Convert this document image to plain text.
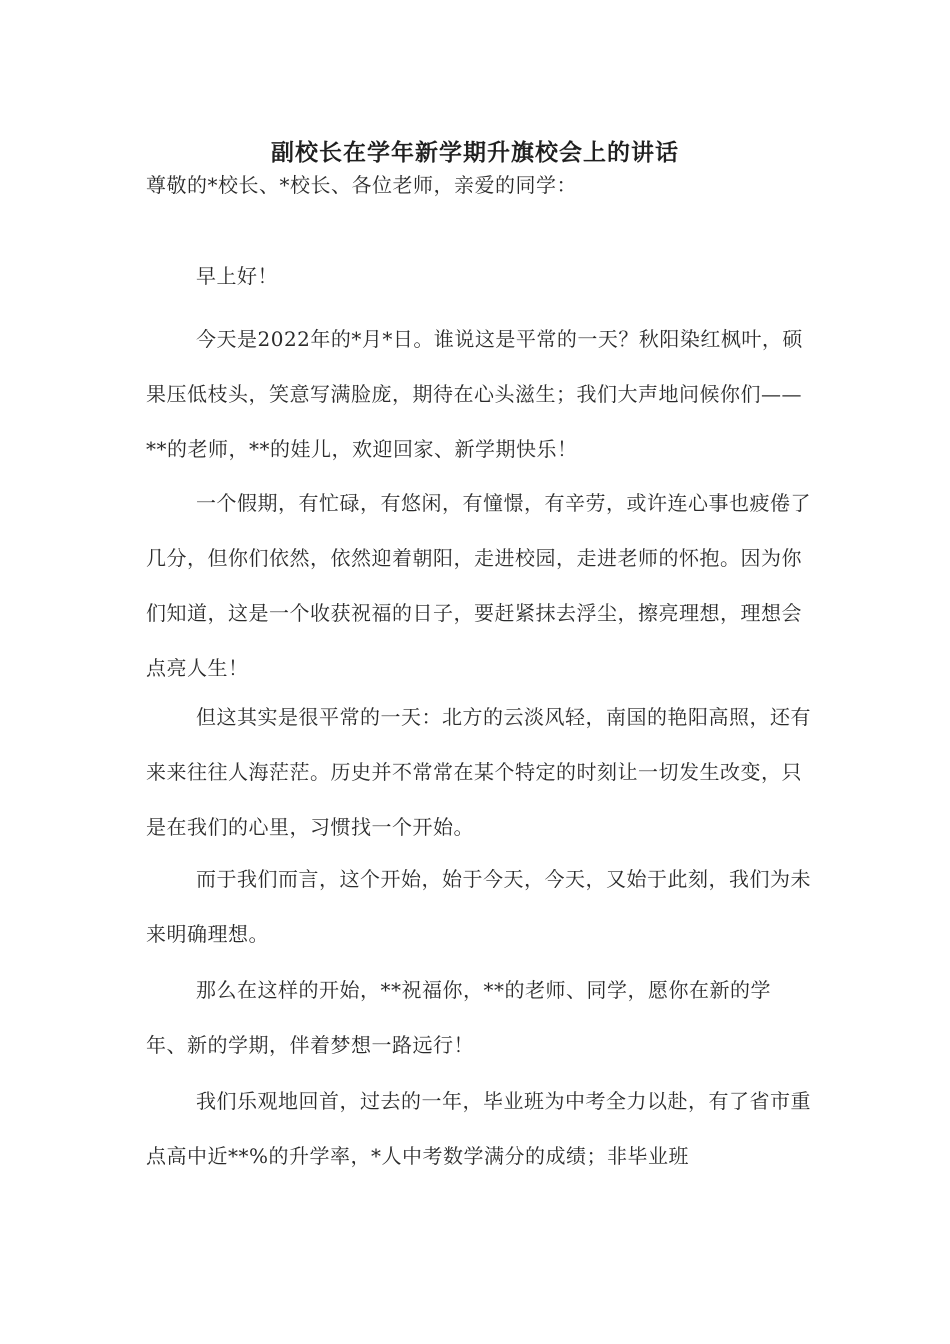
副校长在学年新学期升旗校会上的讲话

尊敬的*校长、*校长、各位老师，亲爱的同学：

早上好！

今天是2022年的*月*日。谁说这是平常的一天？秋阳染红枫叶，硕果压低枝头，笑意写满脸庞，期待在心头滋生；我们大声地问候你们——**的老师，**的娃儿，欢迎回家、新学期快乐！

一个假期，有忙碌，有悠闲，有憧憬，有辛劳，或许连心事也疲倦了几分，但你们依然，依然迎着朝阳，走进校园，走进老师的怀抱。因为你们知道，这是一个收获祝福的日子，要赶紧抹去浮尘，擦亮理想，理想会点亮人生！

但这其实是很平常的一天：北方的云淡风轻，南国的艳阳高照，还有来来往往人海茫茫。历史并不常常在某个特定的时刻让一切发生改变，只是在我们的心里，习惯找一个开始。

而于我们而言，这个开始，始于今天，今天，又始于此刻，我们为未来明确理想。

那么在这样的开始，**祝福你，**的老师、同学，愿你在新的学年、新的学期，伴着梦想一路远行！

我们乐观地回首，过去的一年，毕业班为中考全力以赴，有了省市重点高中近**%的升学率，*人中考数学满分的成绩；非毕业班
